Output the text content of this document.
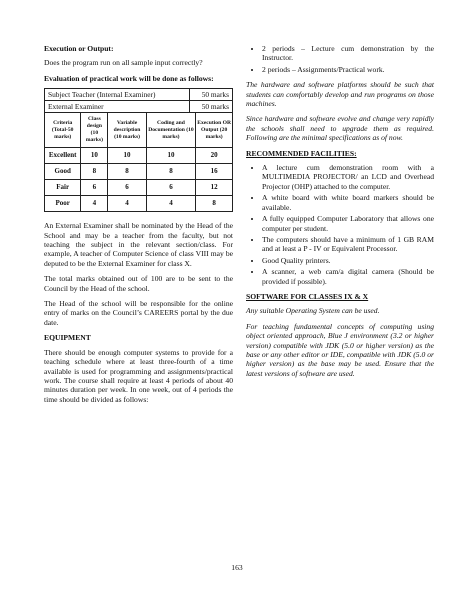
Execution or Output:

Does the program run on all sample input correctly?

Evaluation of practical work will be done as follows:

Subject Teacher (Internal Examiner)	50 marks
External Examiner	50 marks
Criteria (Total-50 marks)	Class design (10 marks)	Variable description (10 marks)	Coding and Documentation (10 marks)	Execution OR Output (20 marks)
Excellent	10	10	10	20
Good	8	8	8	16
Fair	6	6	6	12
Poor	4	4	4	8

An External Examiner shall be nominated by the Head of the School and may be a teacher from the faculty, but not teaching the subject in the relevant section/class. For example, A teacher of Computer Science of class VIII may be deputed to be the External Examiner for class X.

The total marks obtained out of 100 are to be sent to the Council by the Head of the school.

The Head of the school will be responsible for the online entry of marks on the Council’s CAREERS portal by the due date.

EQUIPMENT

There should be enough computer systems to provide for a teaching schedule where at least three-fourth of a time available is used for programming and assignments/practical work. The course shall require at least 4 periods of about 40 minutes duration per week. In one week, out of 4 periods the time should be divided as follows:

• 2 periods – Lecture cum demonstration by the Instructor.
• 2 periods – Assignments/Practical work.

The hardware and software platforms should be such that students can comfortably develop and run programs on those machines.

Since hardware and software evolve and change very rapidly the schools shall need to upgrade them as required. Following are the minimal specifications as of now.

RECOMMENDED FACILITIES:

• A lecture cum demonstration room with a MULTIMEDIA PROJECTOR/ an LCD and Overhead Projector (OHP) attached to the computer.
• A white board with white board markers should be available.
• A fully equipped Computer Laboratory that allows one computer per student.
• The computers should have a minimum of 1 GB RAM and at least a P - IV or Equivalent Processor.
• Good Quality printers.
• A scanner, a web cam/a digital camera (Should be provided if possible).

SOFTWARE FOR CLASSES IX & X

Any suitable Operating System can be used.

For teaching fundamental concepts of computing using object oriented approach, Blue J environment (3.2 or higher version) compatible with JDK (5.0 or higher version) as the base or any other editor or IDE, compatible with JDK (5.0 or higher version) as the base may be used. Ensure that the latest versions of software are used.

163
